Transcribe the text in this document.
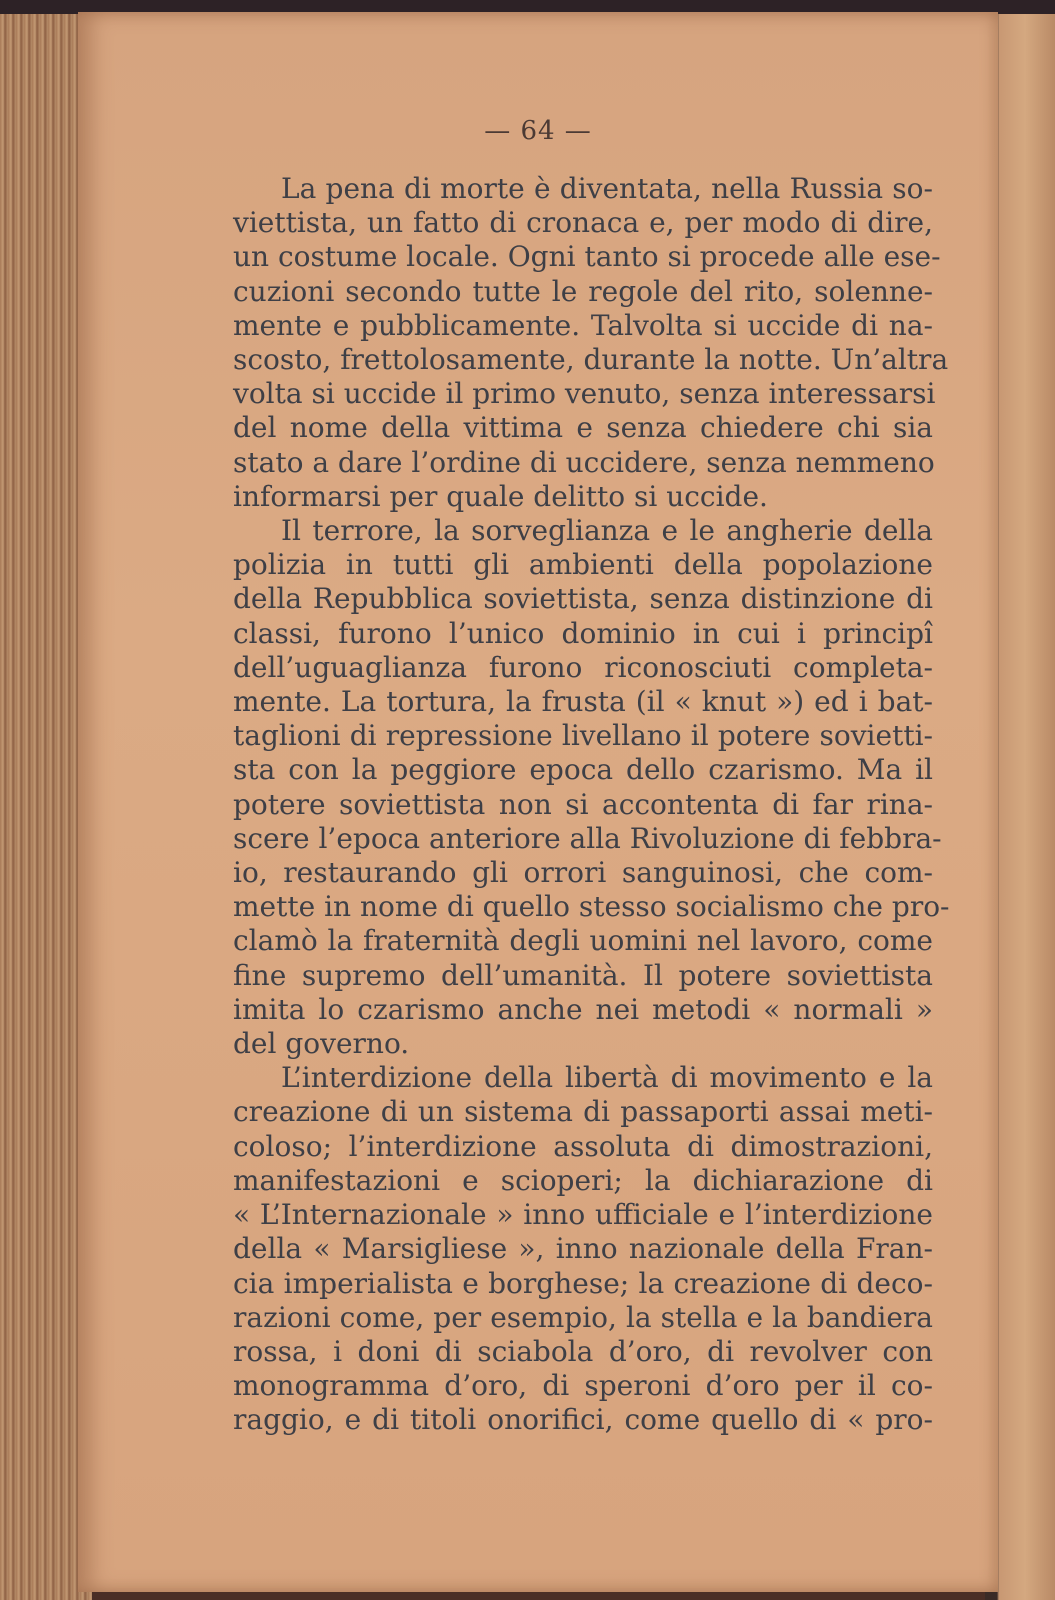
— 64 —

La pena di morte è diventata, nella Russia so-
viettista, un fatto di cronaca e, per modo di dire,
un costume locale. Ogni tanto si procede alle ese-
cuzioni secondo tutte le regole del rito, solenne-
mente e pubblicamente. Talvolta si uccide di na-
scosto, frettolosamente, durante la notte. Un’altra
volta si uccide il primo venuto, senza interessarsi
del nome della vittima e senza chiedere chi sia
stato a dare l’ordine di uccidere, senza nemmeno
informarsi per quale delitto si uccide.

Il terrore, la sorveglianza e le angherie della
polizia in tutti gli ambienti della popolazione
della Repubblica soviettista, senza distinzione di
classi, furono l’unico dominio in cui i principî
dell’uguaglianza furono riconosciuti completa-
mente. La tortura, la frusta (il « knut ») ed i bat-
taglioni di repressione livellano il potere sovietti-
sta con la peggiore epoca dello czarismo. Ma il
potere soviettista non si accontenta di far rina-
scere l’epoca anteriore alla Rivoluzione di febbra-
io, restaurando gli orrori sanguinosi, che com-
mette in nome di quello stesso socialismo che pro-
clamò la fraternità degli uomini nel lavoro, come
fine supremo dell’umanità. Il potere soviettista
imita lo czarismo anche nei metodi « normali »
del governo.

L’interdizione della libertà di movimento e la
creazione di un sistema di passaporti assai meti-
coloso; l’interdizione assoluta di dimostrazioni,
manifestazioni e scioperi; la dichiarazione di
« L’Internazionale » inno ufficiale e l’interdizione
della « Marsigliese », inno nazionale della Fran-
cia imperialista e borghese; la creazione di deco-
razioni come, per esempio, la stella e la bandiera
rossa, i doni di sciabola d’oro, di revolver con
monogramma d’oro, di speroni d’oro per il co-
raggio, e di titoli onorifici, come quello di « pro-
